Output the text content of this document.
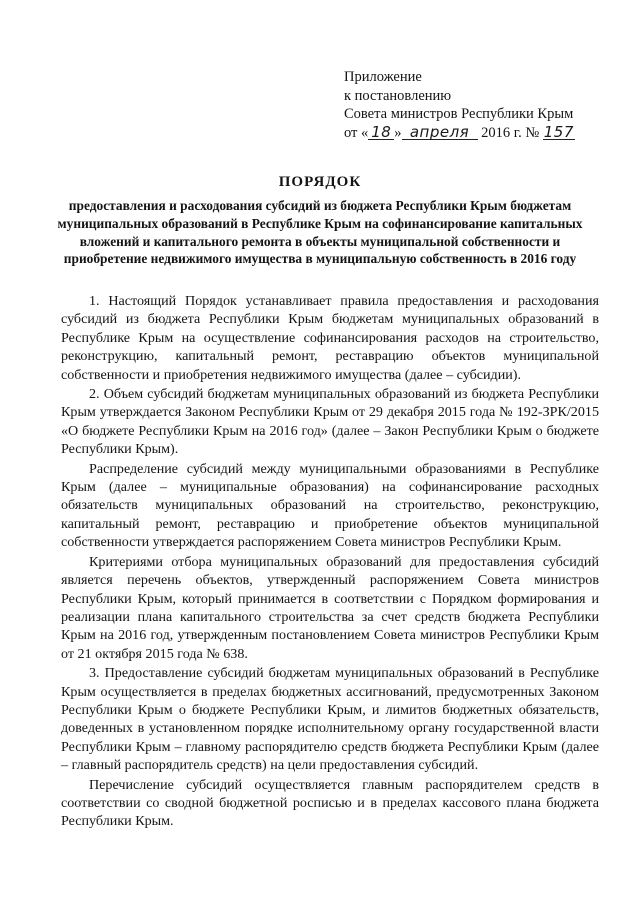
Приложение
к постановлению
Совета министров Республики Крым
от « 18 » апреля 2016 г. № 157
ПОРЯДОК
предоставления и расходования субсидий из бюджета Республики Крым бюджетам муниципальных образований в Республике Крым на софинансирование капитальных вложений и капитального ремонта в объекты муниципальной собственности и приобретение недвижимого имущества в муниципальную собственность в 2016 году

1. Настоящий Порядок устанавливает правила предоставления и расходования субсидий из бюджета Республики Крым бюджетам муниципальных образований в Республике Крым на осуществление софинансирования расходов на строительство, реконструкцию, капитальный ремонт, реставрацию объектов муниципальной собственности и приобретения недвижимого имущества (далее – субсидии).

2. Объем субсидий бюджетам муниципальных образований из бюджета Республики Крым утверждается Законом Республики Крым от 29 декабря 2015 года № 192-ЗРК/2015 «О бюджете Республики Крым на 2016 год» (далее – Закон Республики Крым о бюджете Республики Крым).

Распределение субсидий между муниципальными образованиями в Республике Крым (далее – муниципальные образования) на софинансирование расходных обязательств муниципальных образований на строительство, реконструкцию, капитальный ремонт, реставрацию и приобретение объектов муниципальной собственности утверждается распоряжением Совета министров Республики Крым.

Критериями отбора муниципальных образований для предоставления субсидий является перечень объектов, утвержденный распоряжением Совета министров Республики Крым, который принимается в соответствии с Порядком формирования и реализации плана капитального строительства за счет средств бюджета Республики Крым на 2016 год, утвержденным постановлением Совета министров Республики Крым от 21 октября 2015 года № 638.

3. Предоставление субсидий бюджетам муниципальных образований в Республике Крым осуществляется в пределах бюджетных ассигнований, предусмотренных Законом Республики Крым о бюджете Республики Крым, и лимитов бюджетных обязательств, доведенных в установленном порядке исполнительному органу государственной власти Республики Крым – главному распорядителю средств бюджета Республики Крым (далее – главный распорядитель средств) на цели предоставления субсидий.

Перечисление субсидий осуществляется главным распорядителем средств в соответствии со сводной бюджетной росписью и в пределах кассового плана бюджета Республики Крым.
